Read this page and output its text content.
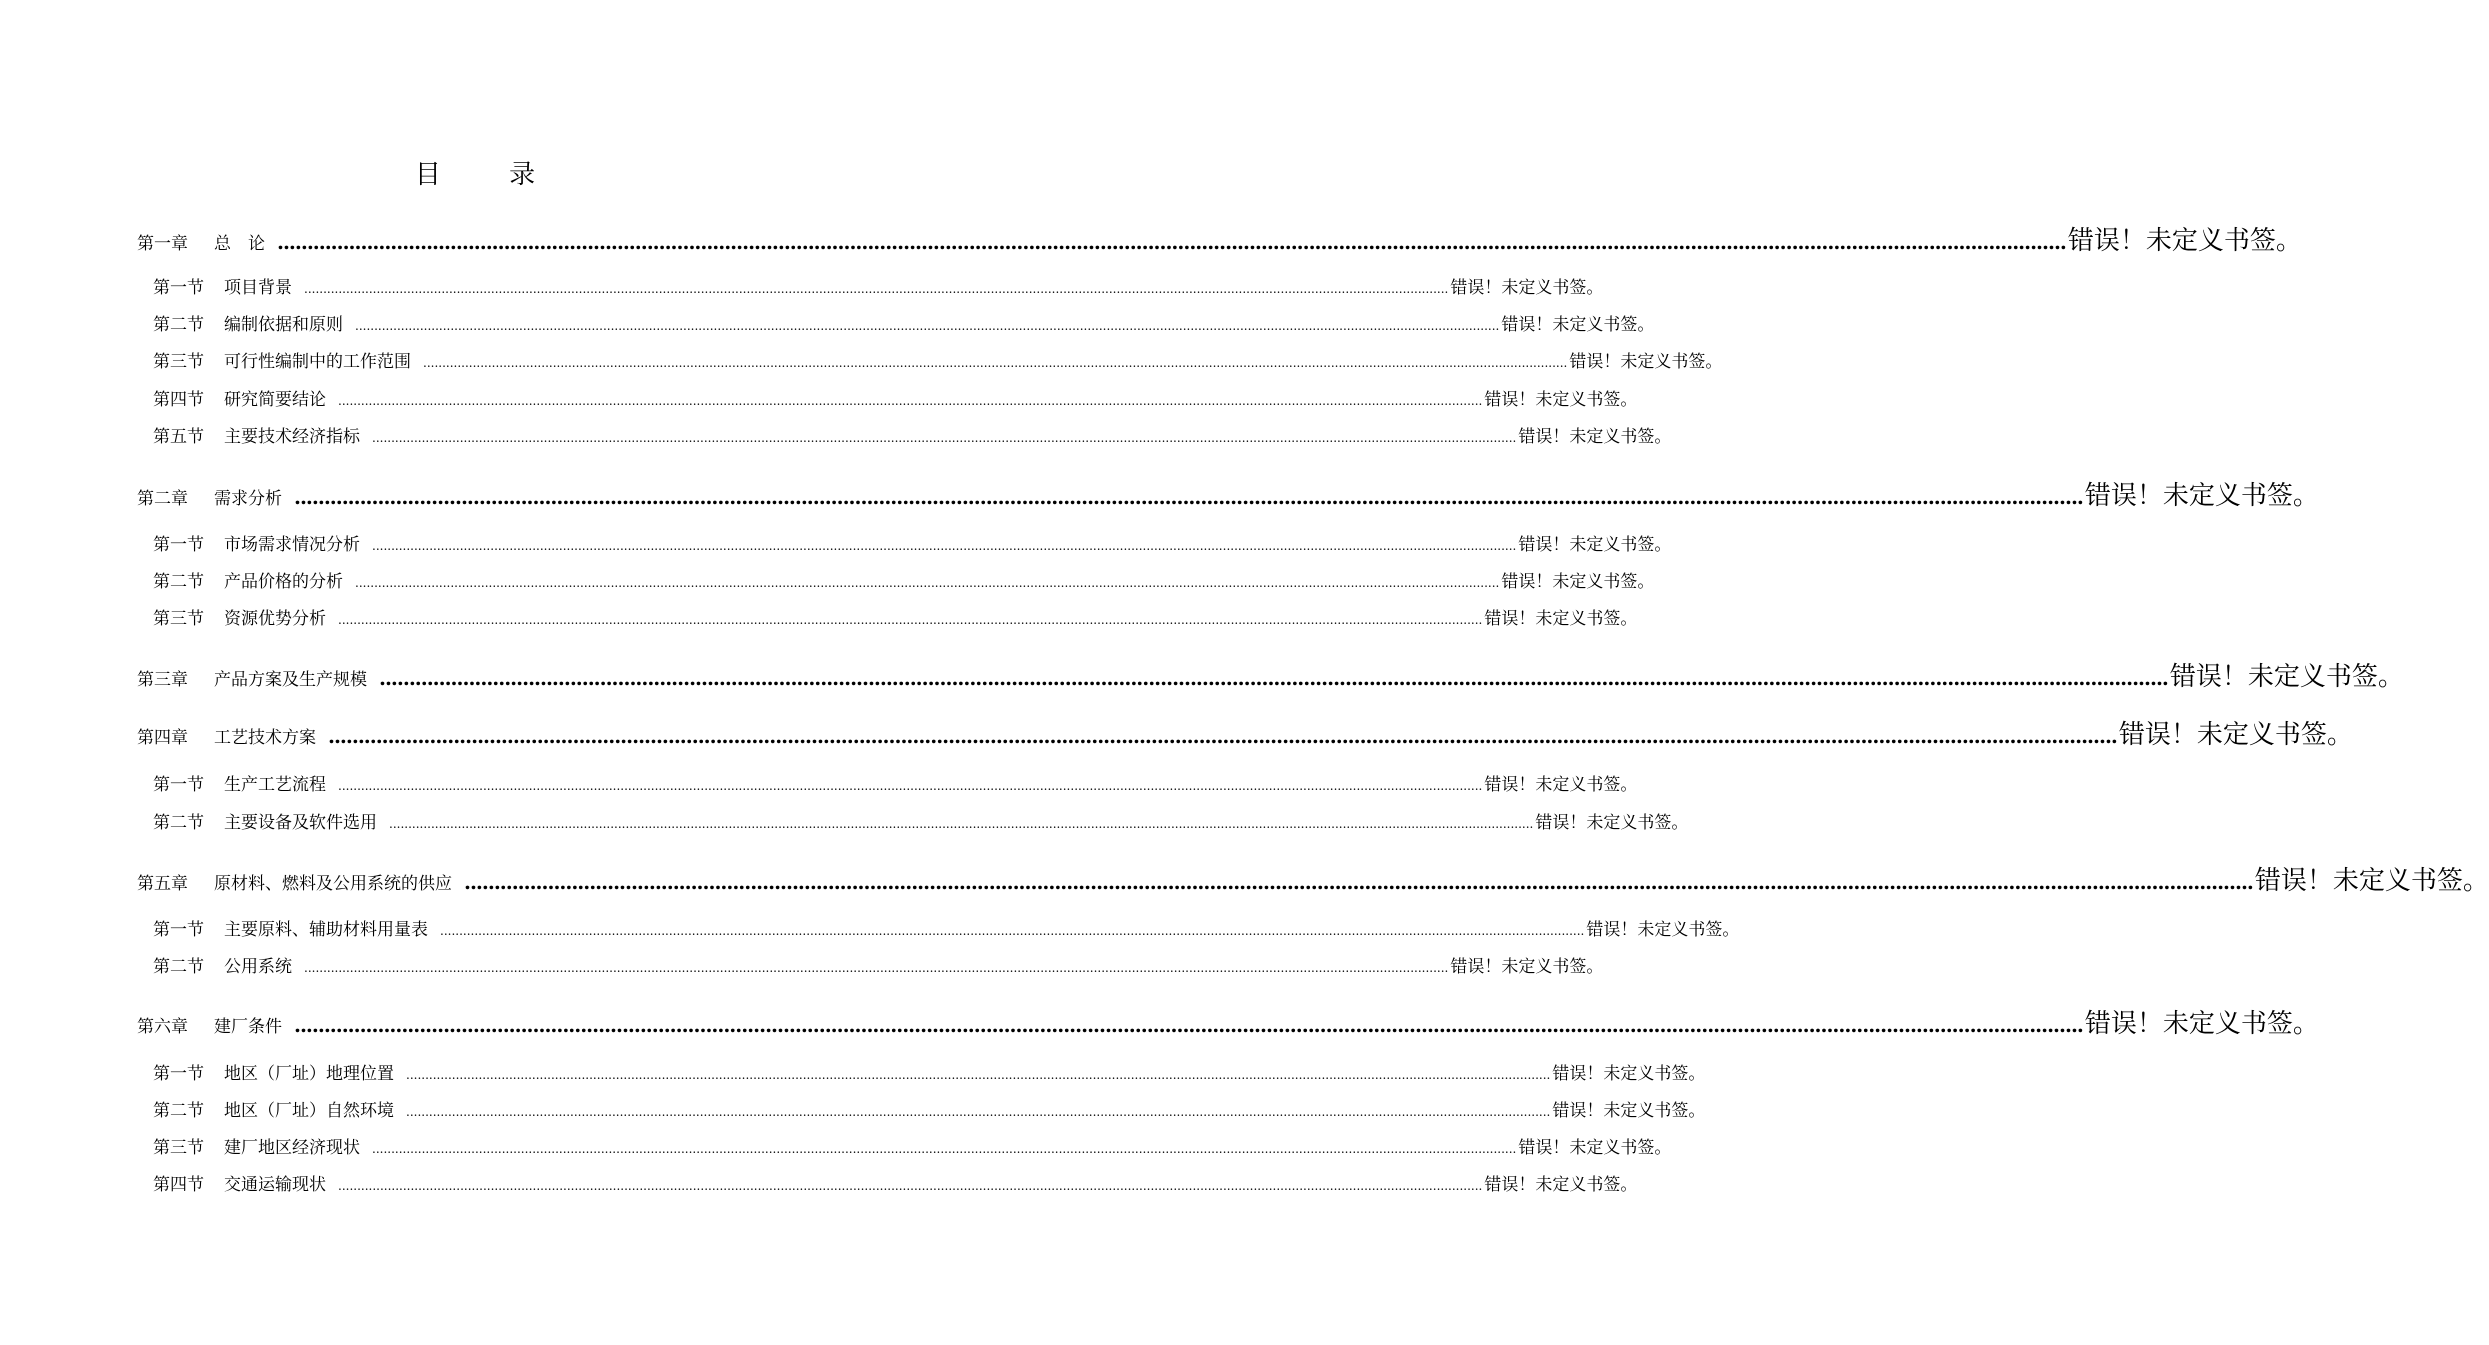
目 录
第一章 总　论 ............................................................................................................................................................................................................................................................................................................ 错误！未定义书签。
第一节 项目背景 ............................................................................................................................................................................................................................................................................................................ 错误！未定义书签。
第二节 编制依据和原则 ............................................................................................................................................................................................................................................................................................................ 错误！未定义书签。
第三节 可行性编制中的工作范围 ............................................................................................................................................................................................................................................................................................................ 错误！未定义书签。
第四节 研究简要结论 ............................................................................................................................................................................................................................................................................................................ 错误！未定义书签。
第五节 主要技术经济指标 ............................................................................................................................................................................................................................................................................................................ 错误！未定义书签。
第二章 需求分析 ............................................................................................................................................................................................................................................................................................................ 错误！未定义书签。
第一节 市场需求情况分析 ............................................................................................................................................................................................................................................................................................................ 错误！未定义书签。
第二节 产品价格的分析 ............................................................................................................................................................................................................................................................................................................ 错误！未定义书签。
第三节 资源优势分析 ............................................................................................................................................................................................................................................................................................................ 错误！未定义书签。
第三章 产品方案及生产规模 ............................................................................................................................................................................................................................................................................................................ 错误！未定义书签。
第四章 工艺技术方案 ............................................................................................................................................................................................................................................................................................................ 错误！未定义书签。
第一节 生产工艺流程 ............................................................................................................................................................................................................................................................................................................ 错误！未定义书签。
第二节 主要设备及软件选用 ............................................................................................................................................................................................................................................................................................................ 错误！未定义书签。
第五章 原材料、燃料及公用系统的供应 ............................................................................................................................................................................................................................................................................................................ 错误！未定义书签。
第一节 主要原料、辅助材料用量表 ............................................................................................................................................................................................................................................................................................................ 错误！未定义书签。
第二节 公用系统 ............................................................................................................................................................................................................................................................................................................ 错误！未定义书签。
第六章 建厂条件 ............................................................................................................................................................................................................................................................................................................ 错误！未定义书签。
第一节 地区（厂址）地理位置 ............................................................................................................................................................................................................................................................................................................ 错误！未定义书签。
第二节 地区（厂址）自然环境 ............................................................................................................................................................................................................................................................................................................ 错误！未定义书签。
第三节 建厂地区经济现状 ............................................................................................................................................................................................................................................................................................................ 错误！未定义书签。
第四节 交通运输现状 ............................................................................................................................................................................................................................................................................................................ 错误！未定义书签。
